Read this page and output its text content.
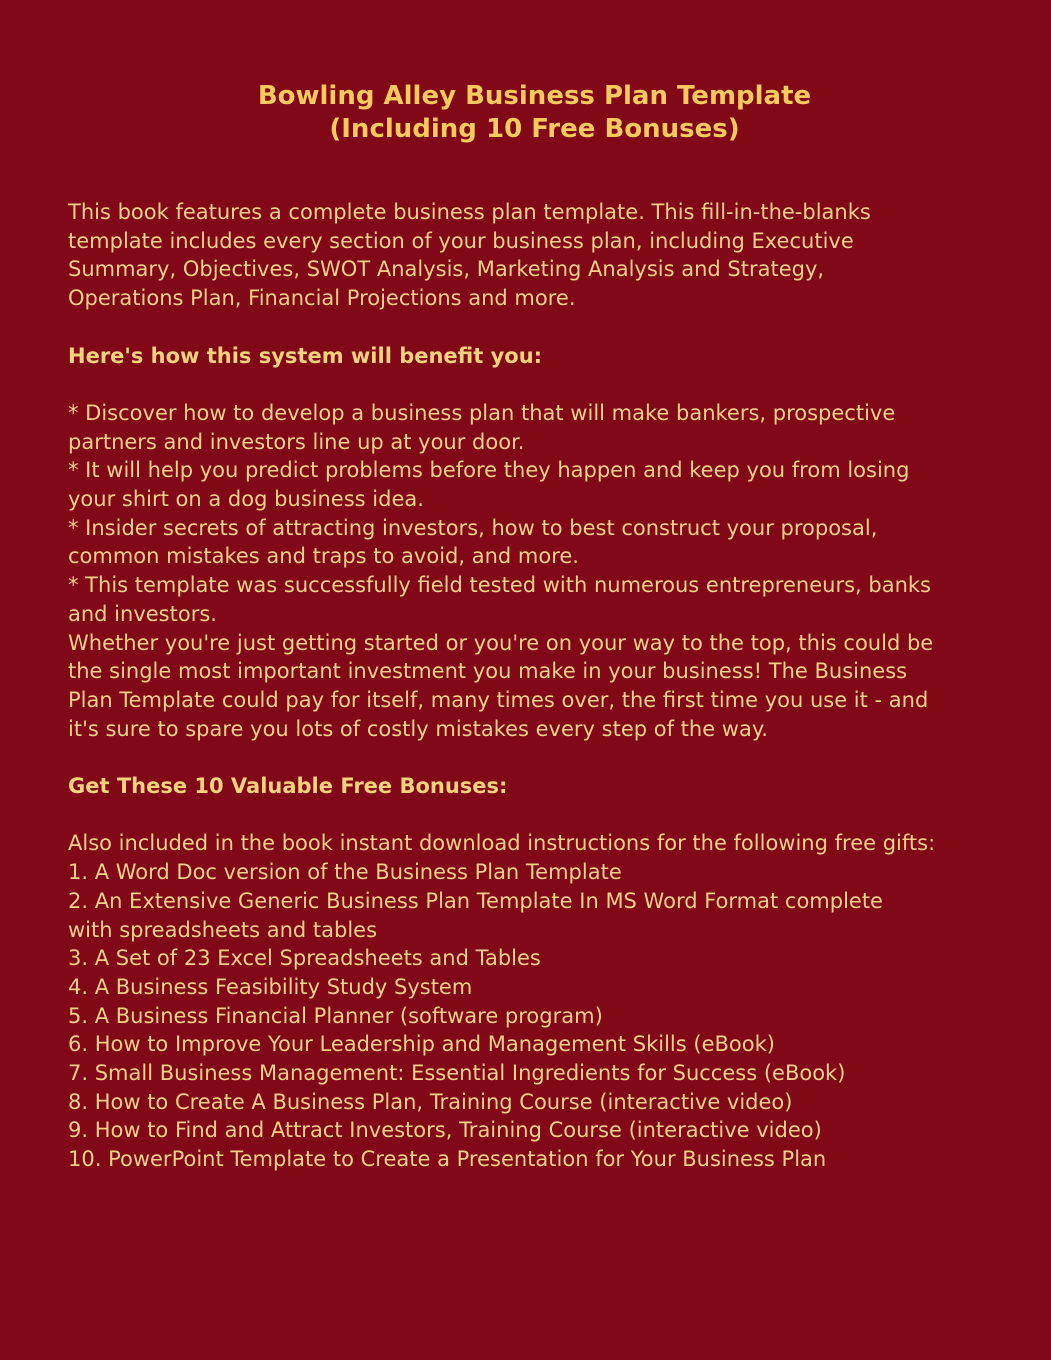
Bowling Alley Business Plan Template
(Including 10 Free Bonuses)
This book features a complete business plan template. This fill-in-the-blanks
template includes every section of your business plan, including Executive
Summary, Objectives, SWOT Analysis, Marketing Analysis and Strategy,
Operations Plan, Financial Projections and more.
Here's how this system will benefit you:
* Discover how to develop a business plan that will make bankers, prospective
partners and investors line up at your door.
* It will help you predict problems before they happen and keep you from losing
your shirt on a dog business idea.
* Insider secrets of attracting investors, how to best construct your proposal,
common mistakes and traps to avoid, and more.
* This template was successfully field tested with numerous entrepreneurs, banks
and investors.
Whether you're just getting started or you're on your way to the top, this could be
the single most important investment you make in your business! The Business
Plan Template could pay for itself, many times over, the first time you use it - and
it's sure to spare you lots of costly mistakes every step of the way.
Get These 10 Valuable Free Bonuses:
Also included in the book instant download instructions for the following free gifts:
1. A Word Doc version of the Business Plan Template
2. An Extensive Generic Business Plan Template In MS Word Format complete
with spreadsheets and tables
3. A Set of 23 Excel Spreadsheets and Tables
4. A Business Feasibility Study System
5. A Business Financial Planner (software program)
6. How to Improve Your Leadership and Management Skills (eBook)
7. Small Business Management: Essential Ingredients for Success (eBook)
8. How to Create A Business Plan, Training Course (interactive video)
9. How to Find and Attract Investors, Training Course (interactive video)
10. PowerPoint Template to Create a Presentation for Your Business Plan
